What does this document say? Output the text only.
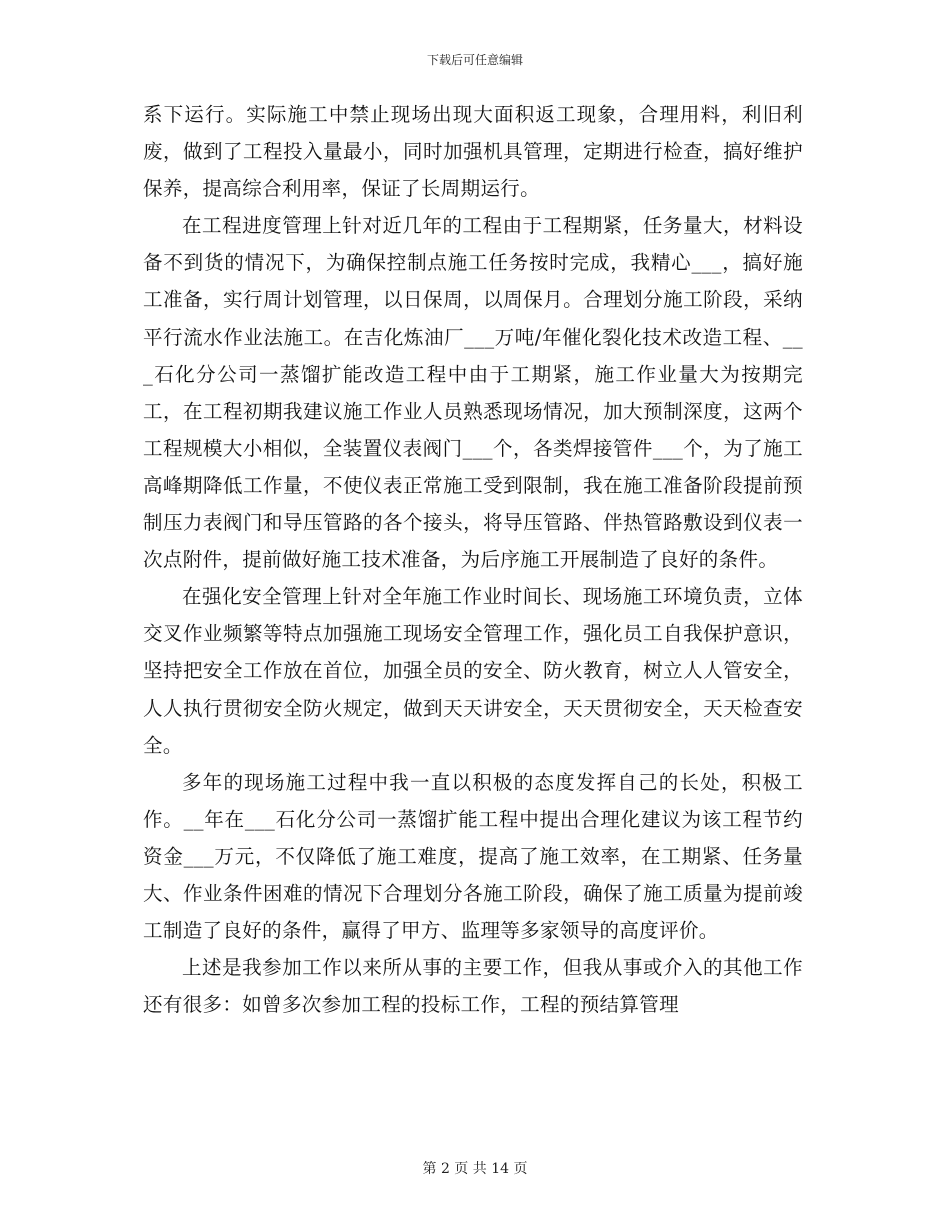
下载后可任意编辑

系下运行。实际施工中禁止现场出现大面积返工现象，合理用料，利旧利废，做到了工程投入量最小，同时加强机具管理，定期进行检查，搞好维护保养，提高综合利用率，保证了长周期运行。

在工程进度管理上针对近几年的工程由于工程期紧，任务量大，材料设备不到货的情况下，为确保控制点施工任务按时完成，我精心___，搞好施工准备，实行周计划管理，以日保周，以周保月。合理划分施工阶段，采纳平行流水作业法施工。在吉化炼油厂___万吨/年催化裂化技术改造工程、___石化分公司一蒸馏扩能改造工程中由于工期紧，施工作业量大为按期完工，在工程初期我建议施工作业人员熟悉现场情况，加大预制深度，这两个工程规模大小相似，全装置仪表阀门___个，各类焊接管件___个，为了施工高峰期降低工作量，不使仪表正常施工受到限制，我在施工准备阶段提前预制压力表阀门和导压管路的各个接头，将导压管路、伴热管路敷设到仪表一次点附件，提前做好施工技术准备，为后序施工开展制造了良好的条件。

在强化安全管理上针对全年施工作业时间长、现场施工环境负责，立体交叉作业频繁等特点加强施工现场安全管理工作，强化员工自我保护意识，坚持把安全工作放在首位，加强全员的安全、防火教育，树立人人管安全，人人执行贯彻安全防火规定，做到天天讲安全，天天贯彻安全，天天检查安全。

多年的现场施工过程中我一直以积极的态度发挥自己的长处，积极工作。__年在___石化分公司一蒸馏扩能工程中提出合理化建议为该工程节约资金___万元，不仅降低了施工难度，提高了施工效率，在工期紧、任务量大、作业条件困难的情况下合理划分各施工阶段，确保了施工质量为提前竣工制造了良好的条件，赢得了甲方、监理等多家领导的高度评价。

上述是我参加工作以来所从事的主要工作，但我从事或介入的其他工作还有很多：如曾多次参加工程的投标工作，工程的预结算管理

第 2 页 共 14 页
